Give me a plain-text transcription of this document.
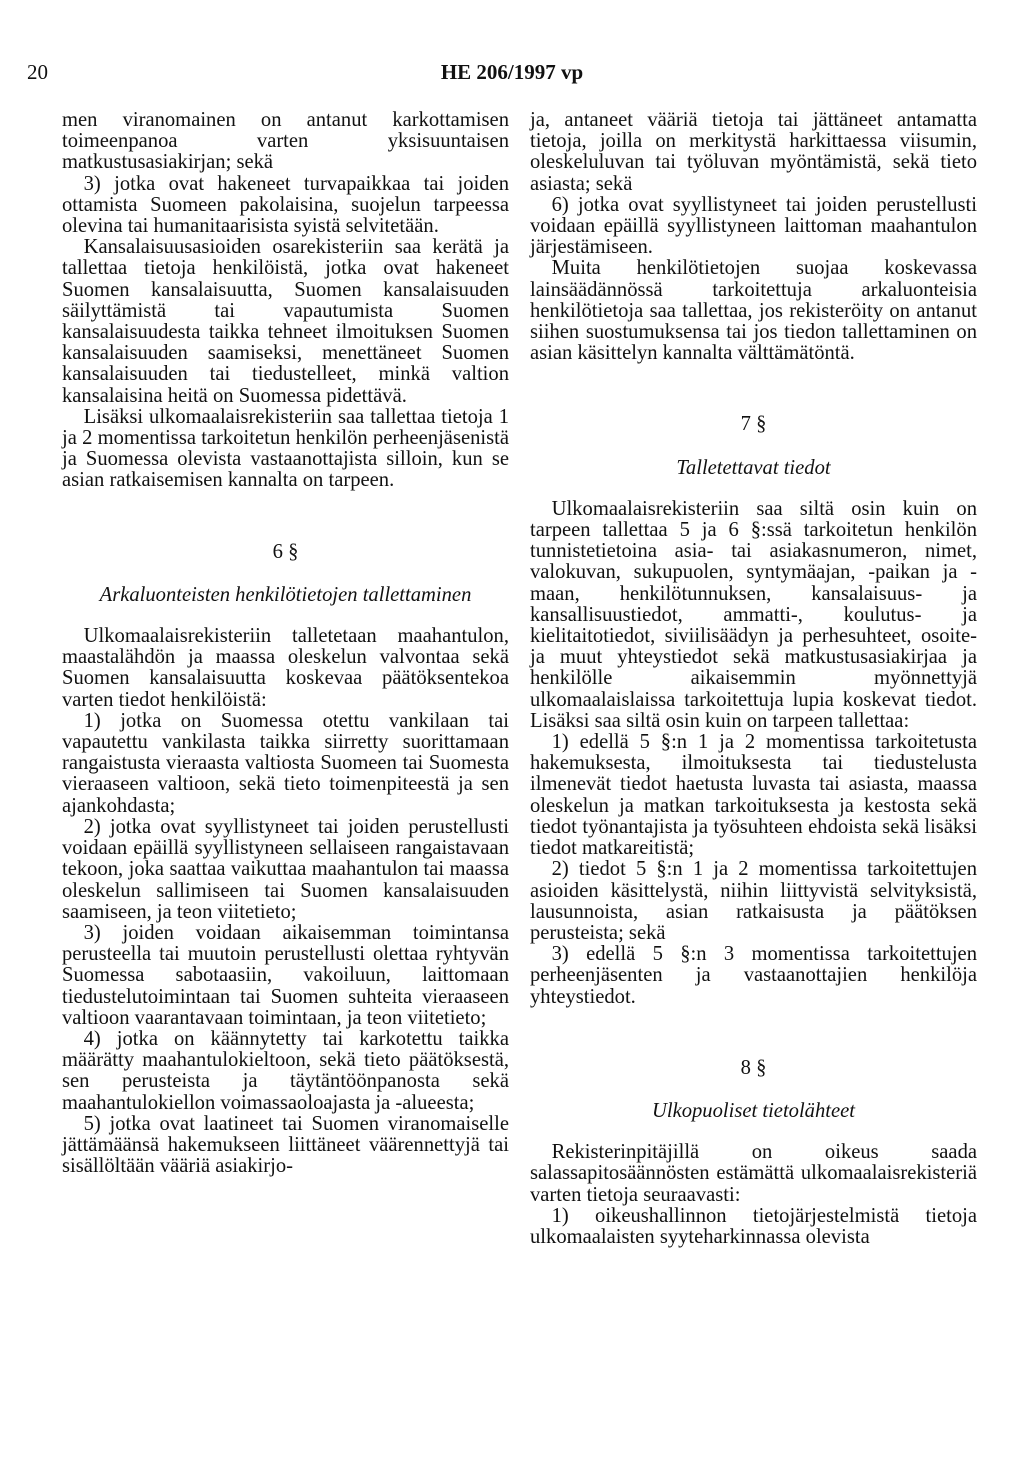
20	HE 206/1997 vp

men viranomainen on antanut karkottamisen toimeenpanoa varten yksisuuntaisen matkustusasiakirjan; sekä

3) jotka ovat hakeneet turvapaikkaa tai joiden ottamista Suomeen pakolaisina, suojelun tarpeessa olevina tai humanitaarisista syistä selvitetään.

Kansalaisuusasioiden osarekisteriin saa kerätä ja tallettaa tietoja henkilöistä, jotka ovat hakeneet Suomen kansalaisuutta, Suomen kansalaisuuden säilyttämistä tai vapautumista Suomen kansalaisuudesta taikka tehneet ilmoituksen Suomen kansalaisuuden saamiseksi, menettäneet Suomen kansalaisuuden tai tiedustelleet, minkä valtion kansalaisina heitä on Suomessa pidettävä.

Lisäksi ulkomaalaisrekisteriin saa tallettaa tietoja 1 ja 2 momentissa tarkoitetun henkilön perheenjäsenistä ja Suomessa olevista vastaanottajista silloin, kun se asian ratkaisemisen kannalta on tarpeen.

6 §

Arkaluonteisten henkilötietojen tallettaminen

Ulkomaalaisrekisteriin talletetaan maahantulon, maastalähdön ja maassa oleskelun valvontaa sekä Suomen kansalaisuutta koskevaa päätöksentekoa varten tiedot henkilöistä:

1) jotka on Suomessa otettu vankilaan tai vapautettu vankilasta taikka siirretty suorittamaan rangaistusta vieraasta valtiosta Suomeen tai Suomesta vieraaseen valtioon, sekä tieto toimenpiteestä ja sen ajankohdasta;

2) jotka ovat syyllistyneet tai joiden perustellusti voidaan epäillä syyllistyneen sellaiseen rangaistavaan tekoon, joka saattaa vaikuttaa maahantulon tai maassa oleskelun sallimiseen tai Suomen kansalaisuuden saamiseen, ja teon viitetieto;

3) joiden voidaan aikaisemman toimintansa perusteella tai muutoin perustellusti olettaa ryhtyvän Suomessa sabotaasiin, vakoiluun, laittomaan tiedustelutoimintaan tai Suomen suhteita vieraaseen valtioon vaarantavaan toimintaan, ja teon viitetieto;

4) jotka on käännytetty tai karkotettu taikka määrätty maahantulokieltoon, sekä tieto päätöksestä, sen perusteista ja täytäntöönpanosta sekä maahantulokiellon voimassaoloajasta ja -alueesta;

5) jotka ovat laatineet tai Suomen viranomaiselle jättämäänsä hakemukseen liittäneet väärennettyjä tai sisällöltään vääriä asiakirjo-

ja, antaneet vääriä tietoja tai jättäneet antamatta tietoja, joilla on merkitystä harkittaessa viisumin, oleskeluluvan tai työluvan myöntämistä, sekä tieto asiasta; sekä

6) jotka ovat syyllistyneet tai joiden perustellusti voidaan epäillä syyllistyneen laittoman maahantulon järjestämiseen.

Muita henkilötietojen suojaa koskevassa lainsäädännössä tarkoitettuja arkaluonteisia henkilötietoja saa tallettaa, jos rekisteröity on antanut siihen suostumuksensa tai jos tiedon tallettaminen on asian käsittelyn kannalta välttämätöntä.

7 §

Talletettavat tiedot

Ulkomaalaisrekisteriin saa siltä osin kuin on tarpeen tallettaa 5 ja 6 §:ssä tarkoitetun henkilön tunnistetietoina asia- tai asiakasnumeron, nimet, valokuvan, sukupuolen, syntymäajan, -paikan ja -maan, henkilötunnuksen, kansalaisuus- ja kansallisuustiedot, ammatti-, koulutus- ja kielitaitotiedot, siviilisäädyn ja perhesuhteet, osoite- ja muut yhteystiedot sekä matkustusasiakirjaa ja henkilölle aikaisemmin myönnettyjä ulkomaalaislaissa tarkoitettuja lupia koskevat tiedot. Lisäksi saa siltä osin kuin on tarpeen tallettaa:

1) edellä 5 §:n 1 ja 2 momentissa tarkoitetusta hakemuksesta, ilmoituksesta tai tiedustelusta ilmenevät tiedot haetusta luvasta tai asiasta, maassa oleskelun ja matkan tarkoituksesta ja kestosta sekä tiedot työnantajista ja työsuhteen ehdoista sekä lisäksi tiedot matkareitistä;

2) tiedot 5 §:n 1 ja 2 momentissa tarkoitettujen asioiden käsittelystä, niihin liittyvistä selvityksistä, lausunnoista, asian ratkaisusta ja päätöksen perusteista; sekä

3) edellä 5 §:n 3 momentissa tarkoitettujen perheenjäsenten ja vastaanottajien henkilöja yhteystiedot.

8 §

Ulkopuoliset tietolähteet

Rekisterinpitäjillä on oikeus saada salassapitosäännösten estämättä ulkomaalaisrekisteriä varten tietoja seuraavasti:

1) oikeushallinnon tietojärjestelmistä tietoja ulkomaalaisten syyteharkinnassa olevista
